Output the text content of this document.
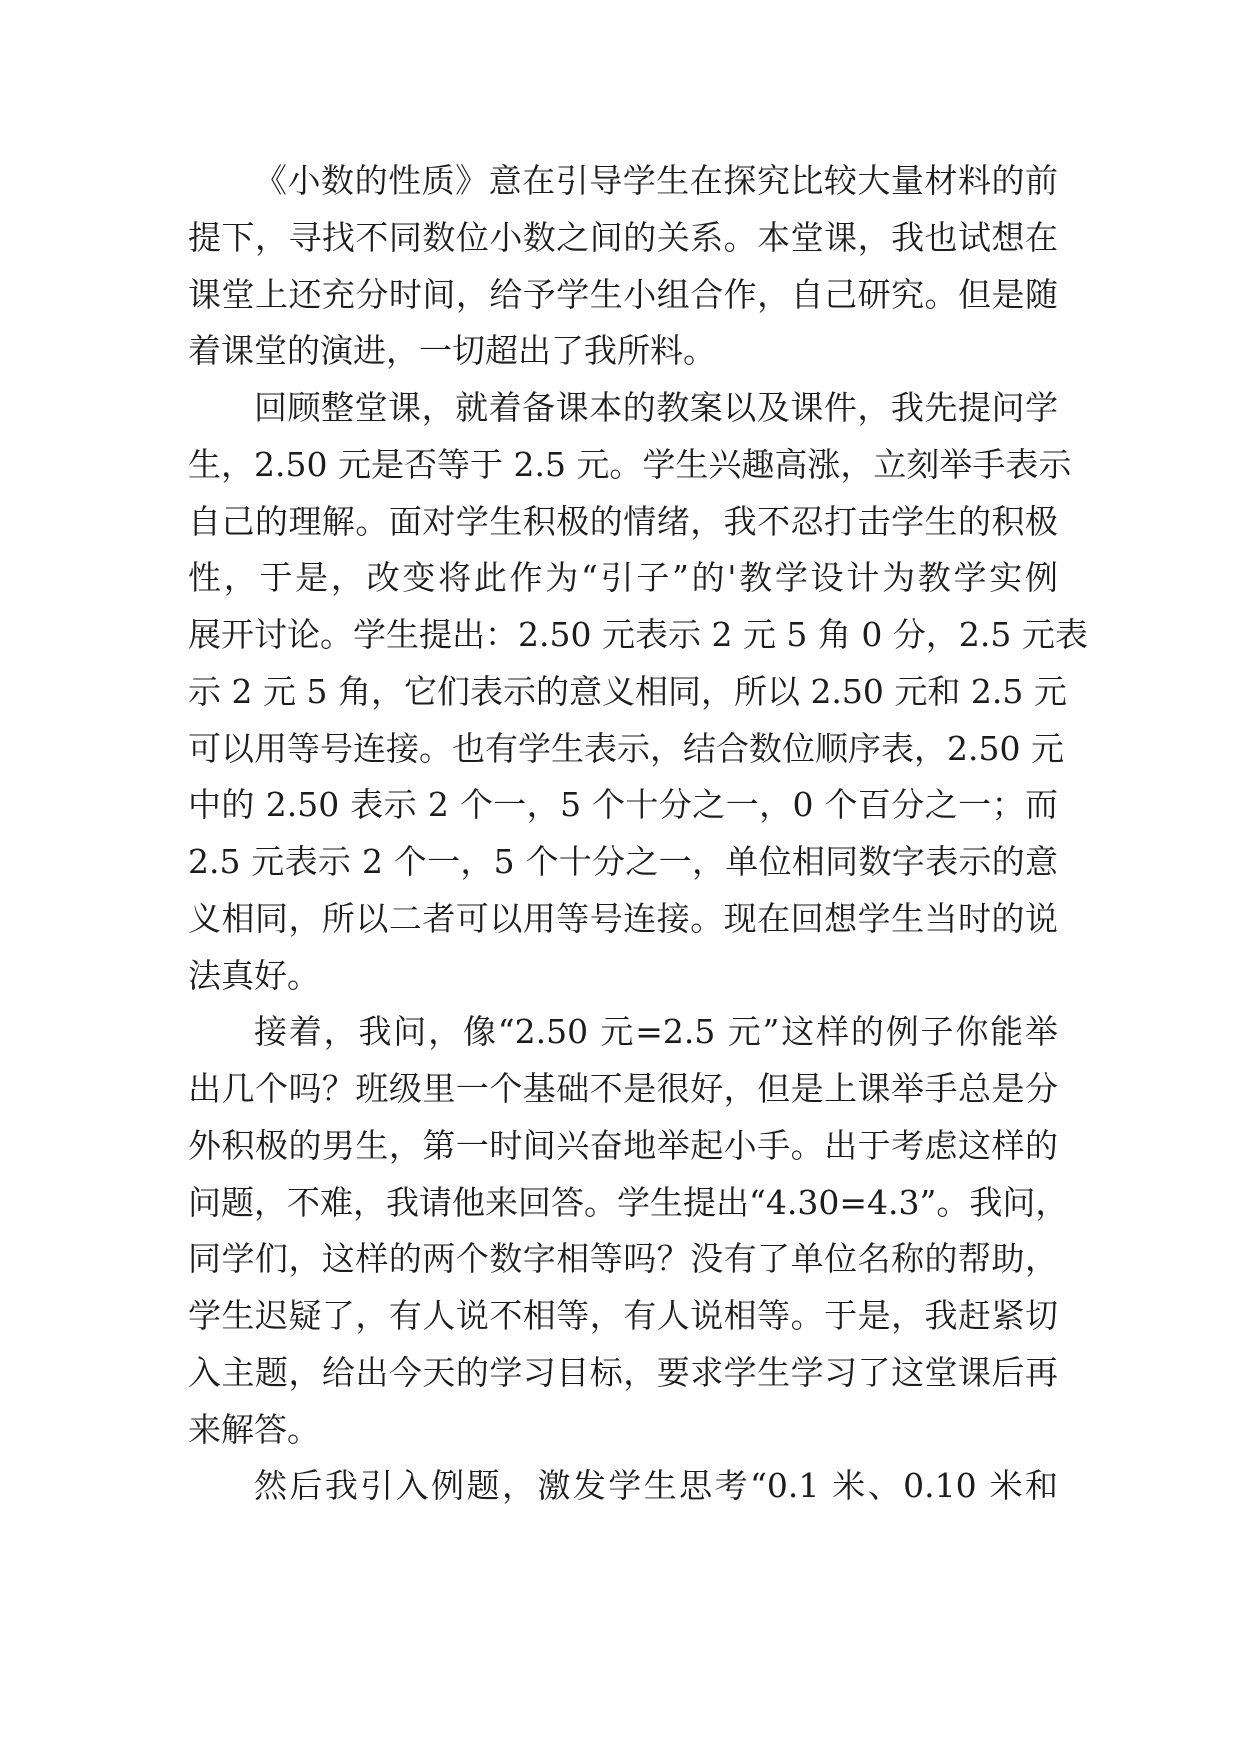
《小数的性质》意在引导学生在探究比较大量材料的前
提下，寻找不同数位小数之间的关系。本堂课，我也试想在
课堂上还充分时间，给予学生小组合作，自己研究。但是随
着课堂的演进，一切超出了我所料。
回顾整堂课，就着备课本的教案以及课件，我先提问学
生，2.50 元是否等于 2.5 元。学生兴趣高涨，立刻举手表示
自己的理解。面对学生积极的情绪，我不忍打击学生的积极
性，于是，改变将此作为“引子”的'教学设计为教学实例
展开讨论。学生提出：2.50 元表示 2 元 5 角 0 分，2.5 元表
示 2 元 5 角，它们表示的意义相同，所以 2.50 元和 2.5 元
可以用等号连接。也有学生表示，结合数位顺序表，2.50 元
中的 2.50 表示 2 个一，5 个十分之一，0 个百分之一；而
2.5 元表示 2 个一，5 个十分之一，单位相同数字表示的意
义相同，所以二者可以用等号连接。现在回想学生当时的说
法真好。
接着，我问，像“2.50 元=2.5 元”这样的例子你能举
出几个吗？班级里一个基础不是很好，但是上课举手总是分
外积极的男生，第一时间兴奋地举起小手。出于考虑这样的
问题，不难，我请他来回答。学生提出“4.30=4.3”。我问，
同学们，这样的两个数字相等吗？没有了单位名称的帮助，
学生迟疑了，有人说不相等，有人说相等。于是，我赶紧切
入主题，给出今天的学习目标，要求学生学习了这堂课后再
来解答。
然后我引入例题，激发学生思考“0.1 米、0.10 米和
